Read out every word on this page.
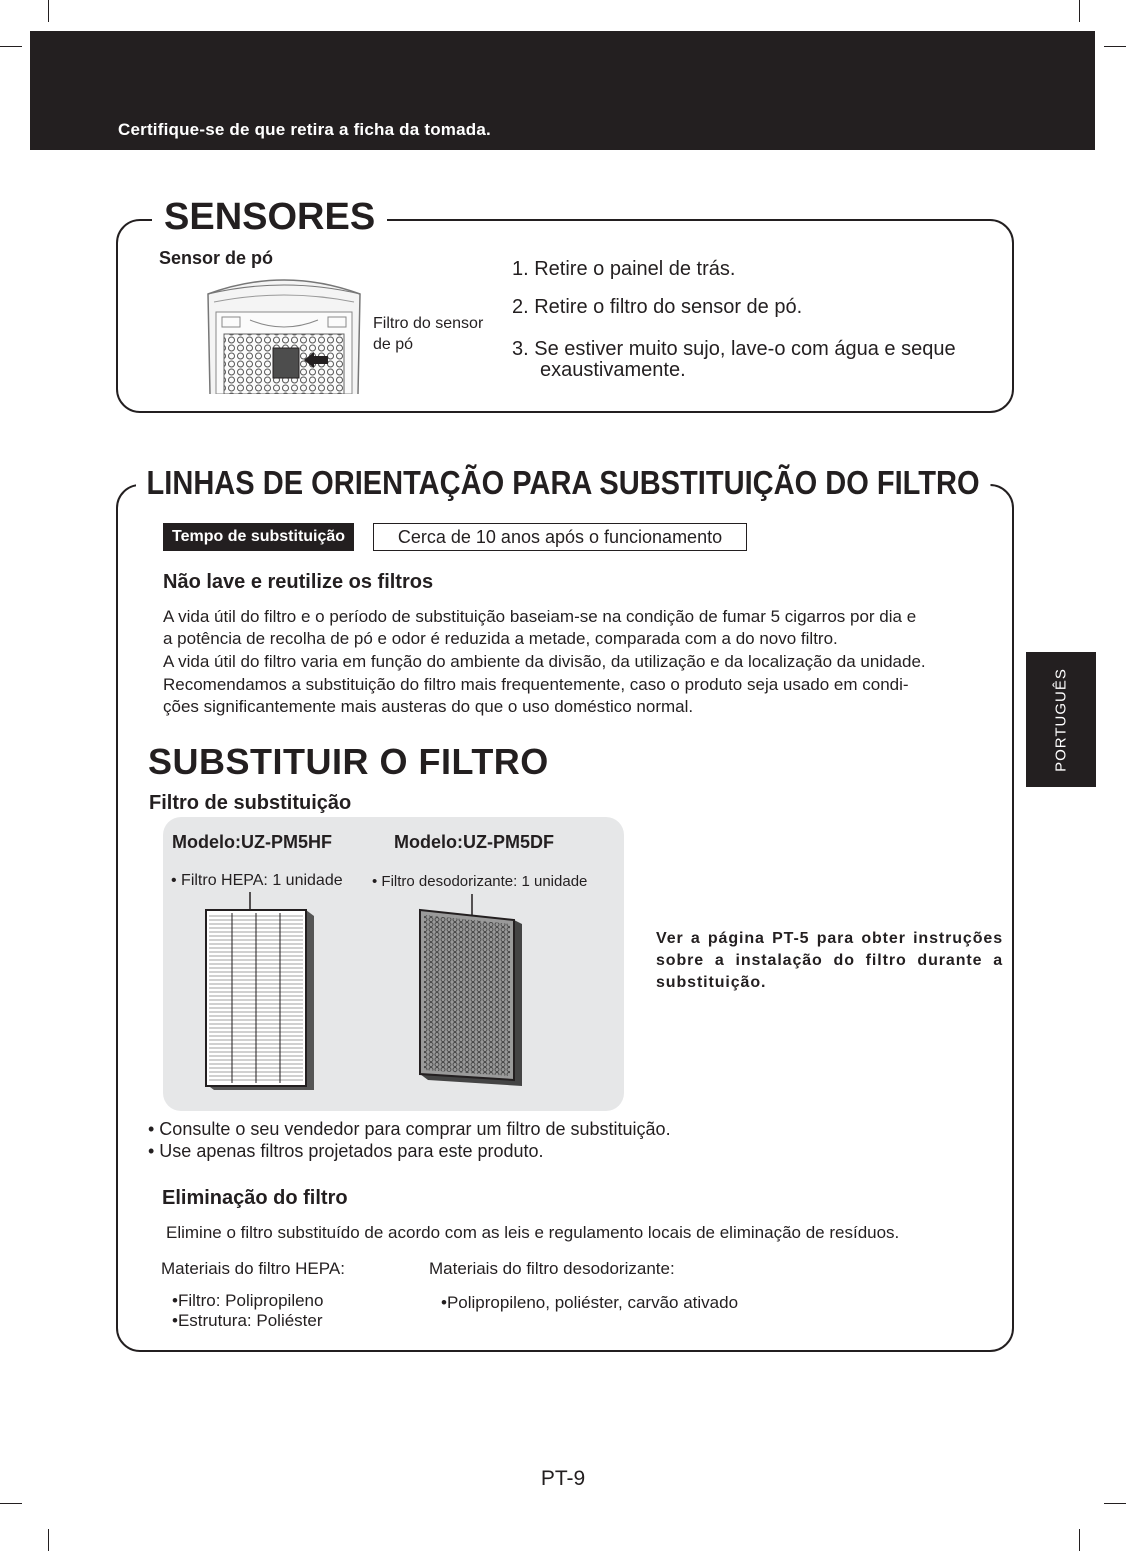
Certifique-se de que retira a ficha da tomada.
SENSORES
Sensor de pó
Filtro do sensor
de pó
1. Retire o painel de trás.
2. Retire o filtro do sensor de pó.
3. Se estiver muito sujo, lave-o com água e seque
exaustivamente.
LINHAS DE ORIENTAÇÃO PARA SUBSTITUIÇÃO DO FILTRO
Tempo de substituição	Cerca de 10 anos após o funcionamento
Não lave e reutilize os filtros
A vida útil do filtro e o período de substituição baseiam-se na condição de fumar 5 cigarros por dia e
a potência de recolha de pó e odor é reduzida a metade, comparada com a do novo filtro.
A vida útil do filtro varia em função do ambiente da divisão, da utilização e da localização da unidade.
Recomendamos a substituição do filtro mais frequentemente, caso o produto seja usado em condi-
ções significantemente mais austeras do que o uso doméstico normal.
SUBSTITUIR O FILTRO
Filtro de substituição
Modelo:UZ-PM5HF	Modelo:UZ-PM5DF
• Filtro HEPA: 1 unidade • Filtro desodorizante: 1 unidade
Ver a página PT-5 para obter instruções sobre a instalação do filtro durante a substituição.
• Consulte o seu vendedor para comprar um filtro de substituição.
• Use apenas filtros projetados para este produto.
Eliminação do filtro
Elimine o filtro substituído de acordo com as leis e regulamento locais de eliminação de resíduos.
Materiais do filtro HEPA:
•Filtro: Polipropileno
•Estrutura: Poliéster
Materiais do filtro desodorizante:
•Polipropileno, poliéster, carvão ativado
PORTUGUÊS
PT-9
